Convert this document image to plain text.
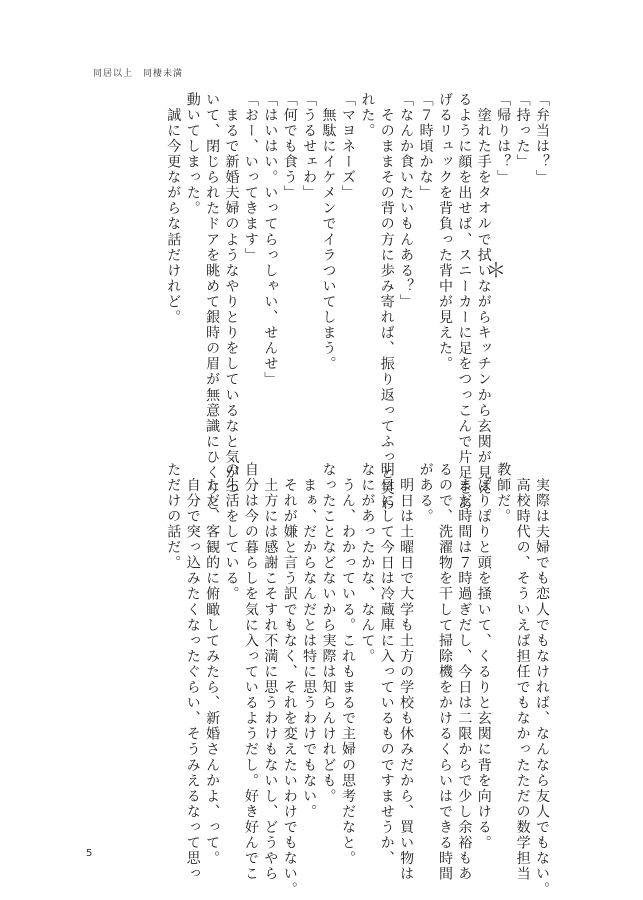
同居以上 同棲未満
「弁当は？」
「持った」
「帰りは？」
　塗れた手をタオルで拭いながらキッチンから玄関が見え
るように顔を出せば、スニーカーに足をつっこんで片足をあ
げるリュックを背負った背中が見えた。
「７時頃かな」
「なんか食いたいもんある？」
　そのままその背の方に歩み寄れば、振り返ってふっと笑わ
れた。
「マヨネーズ」
　無駄にイケメンでイラついてしまう。
「うるせェわ」
「何でも食う」
「はいはい。いってらっしゃい、せんせ」
「おー、いってきます」
　まるで新婚夫婦のようなやりとりをしているなと気がつ
いて、閉じられたドアを眺めて銀時の眉が無意識にひくりと
動いてしまった。
　誠に今更ながらな話だけれど。	＊
　実際は夫婦でも恋人でもなければ、なんなら友人でもない。
　高校時代の、そういえば担任でもなかったただの数学担当
教師だ。
　ぽりぽりと頭を掻いて、くるりと玄関に背を向ける。
　まだ時間は７時過ぎだし、今日は二限からで少し余裕もあ
るので、洗濯物を干して掃除機をかけるくらいはできる時間
がある。
　明日は土曜日で大学も土方の学校も休みだから、買い物は
明日にして今日は冷蔵庫に入っているものですませうか、
なにがあったかな、なんて。
　うん、わかっている。これもまるで主婦の思考だなと。
なったことなどないから実際は知らんけれども。
　まぁ、だからなんだとは特に思うわけでもない。
　それが嫌と言う訳でもなく、それを変えたいわけでもない。
　土方には感謝こそすれ不満に思うわけもないし、どうやら
自分は今の暮らしを気に入っているようだし。好き好んでこ
の生活をしている。
　ただ、客観的に俯瞰してみたら、新婚さんかよ、って。
　自分で突っ込みたくなったぐらい、そうみえるなって思っ
ただけの話だ。
5
